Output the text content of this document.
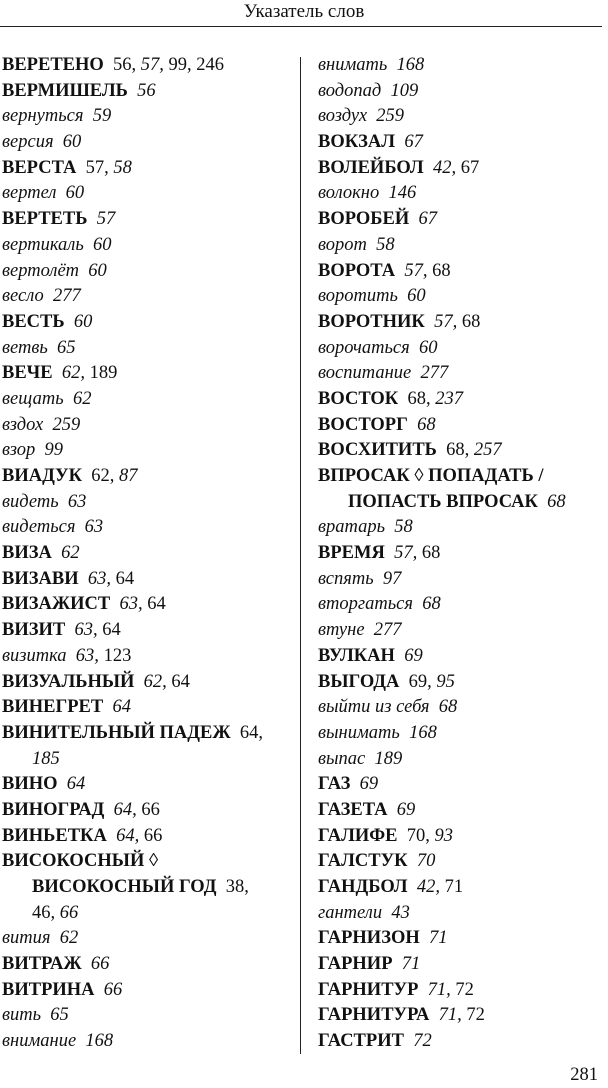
Указатель слов
ВЕРЕТЕНО  56, 57, 99, 246
ВЕРМИШЕЛЬ  56
вернуться  59
версия  60
ВЕРСТА  57, 58
вертел  60
ВЕРТЕТЬ  57
вертикаль  60
вертолёт  60
весло  277
ВЕСТЬ  60
ветвь  65
ВЕЧЕ  62, 189
вещать  62
вздох  259
взор  99
ВИАДУК  62, 87
видеть  63
видеться  63
ВИЗА  62
ВИЗАВИ  63, 64
ВИЗАЖИСТ  63, 64
ВИЗИТ  63, 64
визитка  63, 123
ВИЗУАЛЬНЫЙ  62, 64
ВИНЕГРЕТ  64
ВИНИТЕЛЬНЫЙ ПАДЕЖ  64,
185
ВИНО  64
ВИНОГРАД  64, 66
ВИНЬЕТКА  64, 66
ВИСОКОСНЫЙ ◊
ВИСОКОСНЫЙ ГОД  38,
46, 66
вития  62
ВИТРАЖ  66
ВИТРИНА  66
вить  65
внимание  168
внимать  168
водопад  109
воздух  259
ВОКЗАЛ  67
ВОЛЕЙБОЛ  42, 67
волокно  146
ВОРОБЕЙ  67
ворот  58
ВОРОТА  57, 68
воротить  60
ВОРОТНИК  57, 68
ворочаться  60
воспитание  277
ВОСТОК  68, 237
ВОСТОРГ  68
ВОСХИТИТЬ  68, 257
ВПРОСАК ◊ ПОПАДАТЬ /
ПОПАСТЬ ВПРОСАК  68
вратарь  58
ВРЕМЯ  57, 68
вспять  97
вторгаться  68
втуне  277
ВУЛКАН  69
ВЫГОДА  69, 95
выйти из себя  68
вынимать  168
выпас  189
ГАЗ  69
ГАЗЕТА  69
ГАЛИФЕ  70, 93
ГАЛСТУК  70
ГАНДБОЛ  42, 71
гантели  43
ГАРНИЗОН  71
ГАРНИР  71
ГАРНИТУР  71, 72
ГАРНИТУРА  71, 72
ГАСТРИТ  72
281
